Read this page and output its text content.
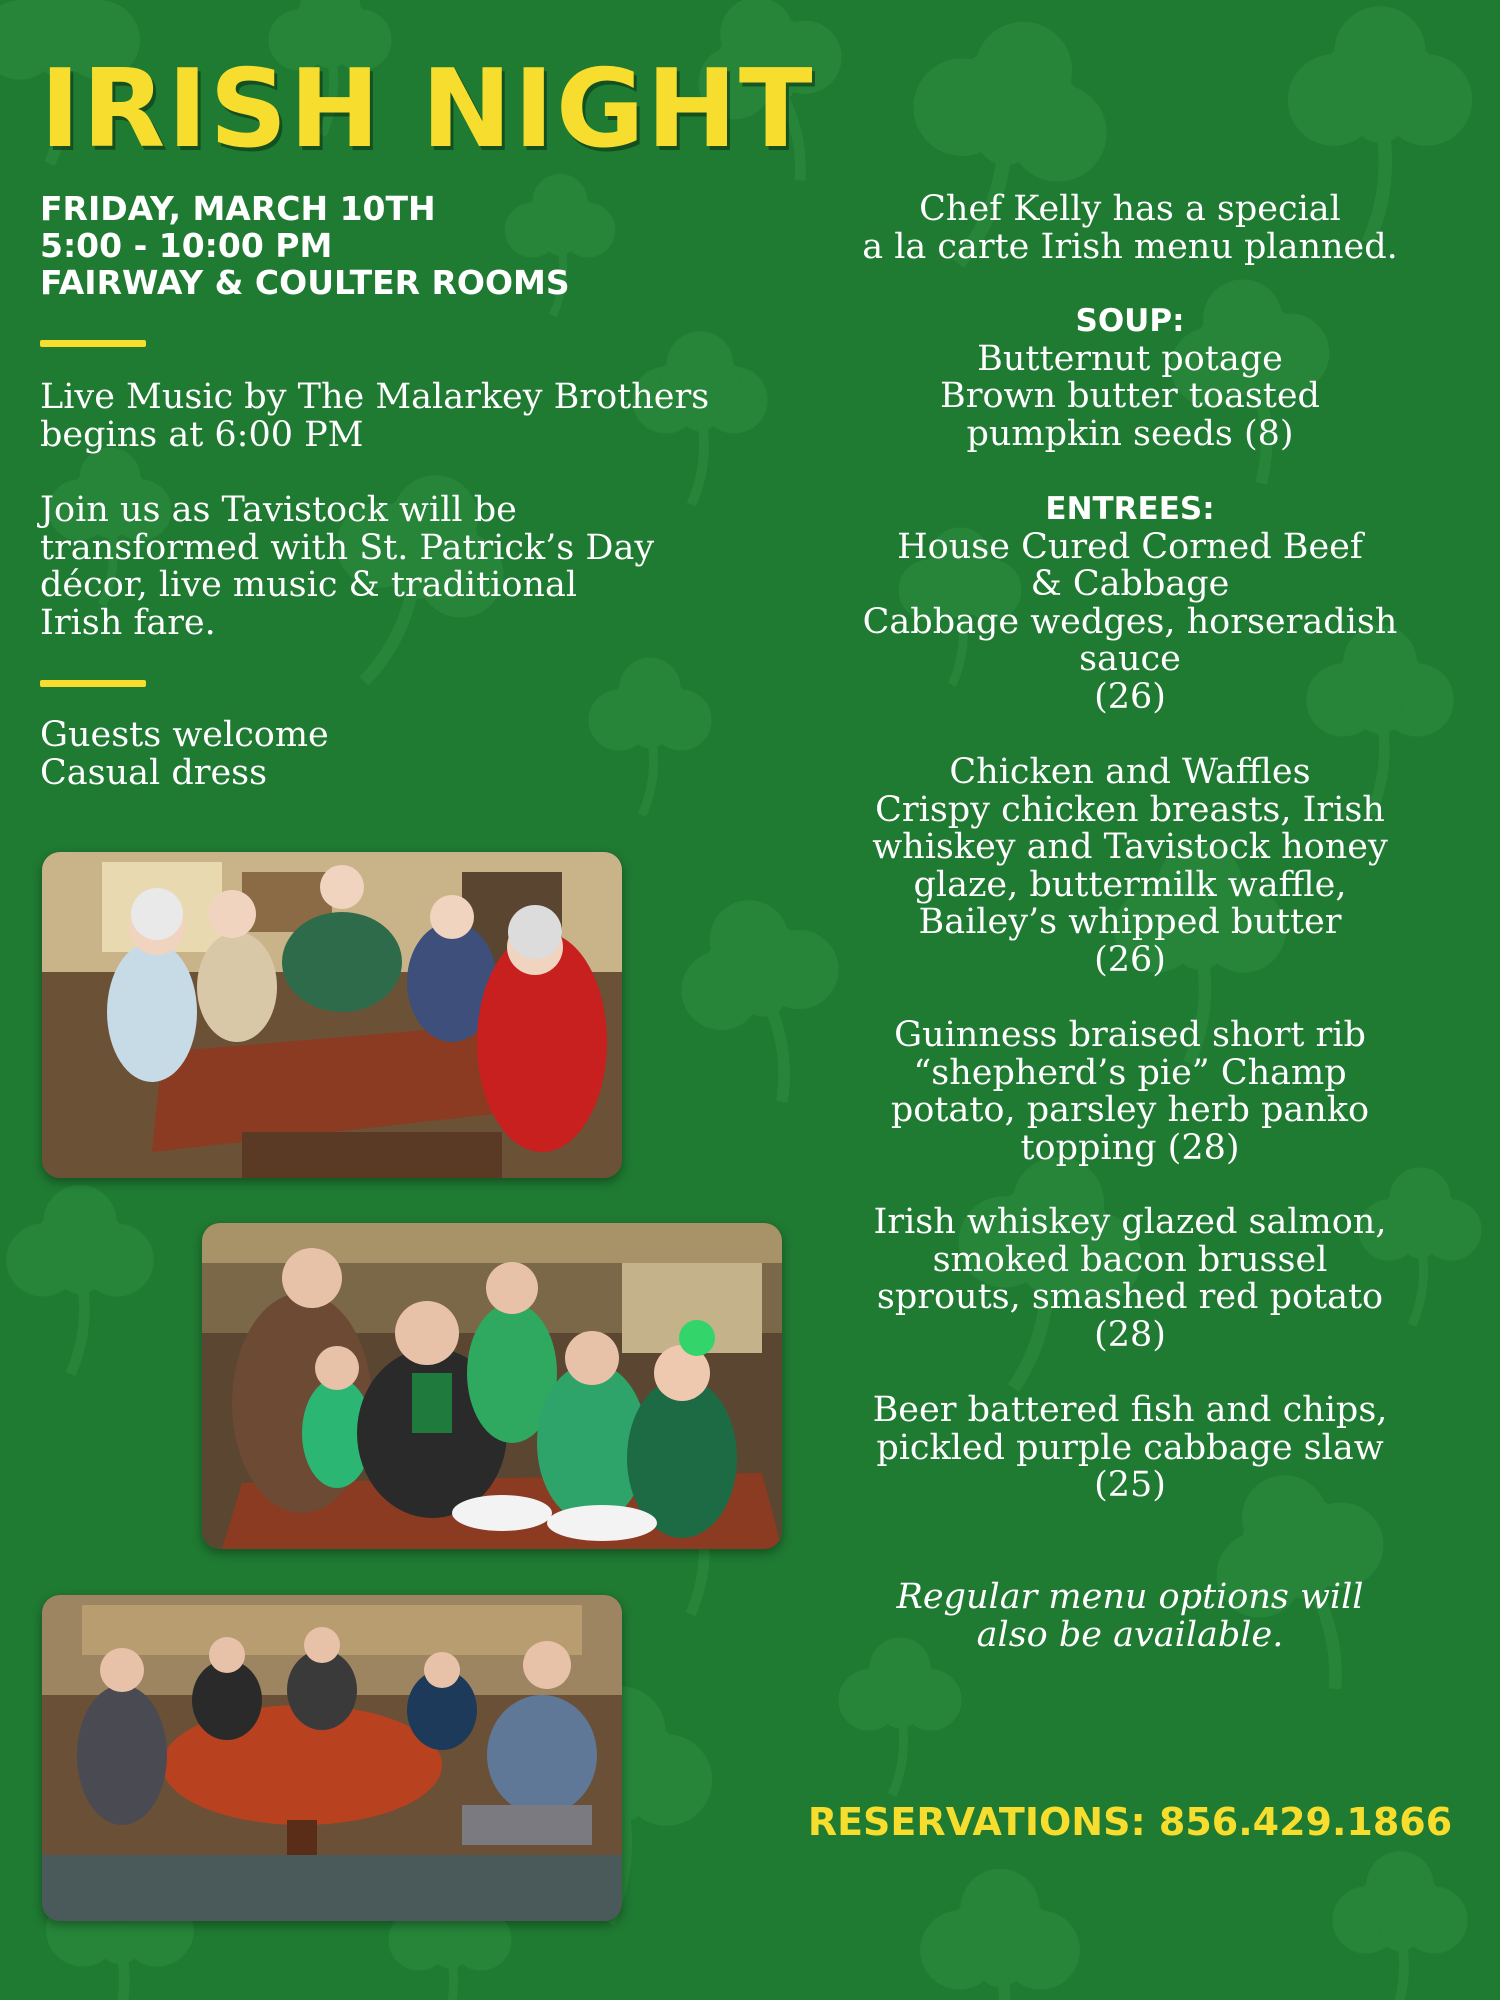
IRISH NIGHT
FRIDAY, MARCH 10TH
5:00 - 10:00 PM
FAIRWAY & COULTER ROOMS
Live Music by The Malarkey Brothers
begins at 6:00 PM
Join us as Tavistock will be
transformed with St. Patrick’s Day
décor, live music & traditional
Irish fare.
Guests welcome
Casual dress
Chef Kelly has a special
a la carte Irish menu planned.
SOUP:
Butternut potage
Brown butter toasted
pumpkin seeds (8)
ENTREES:
House Cured Corned Beef
& Cabbage
Cabbage wedges, horseradish
sauce
(26)
Chicken and Waffles
Crispy chicken breasts, Irish
whiskey and Tavistock honey
glaze, buttermilk waffle,
Bailey’s whipped butter
(26)
Guinness braised short rib
“shepherd’s pie” Champ
potato, parsley herb panko
topping (28)
Irish whiskey glazed salmon,
smoked bacon brussel
sprouts, smashed red potato
(28)
Beer battered fish and chips,
pickled purple cabbage slaw
(25)
Regular menu options will
also be available.
RESERVATIONS: 856.429.1866
